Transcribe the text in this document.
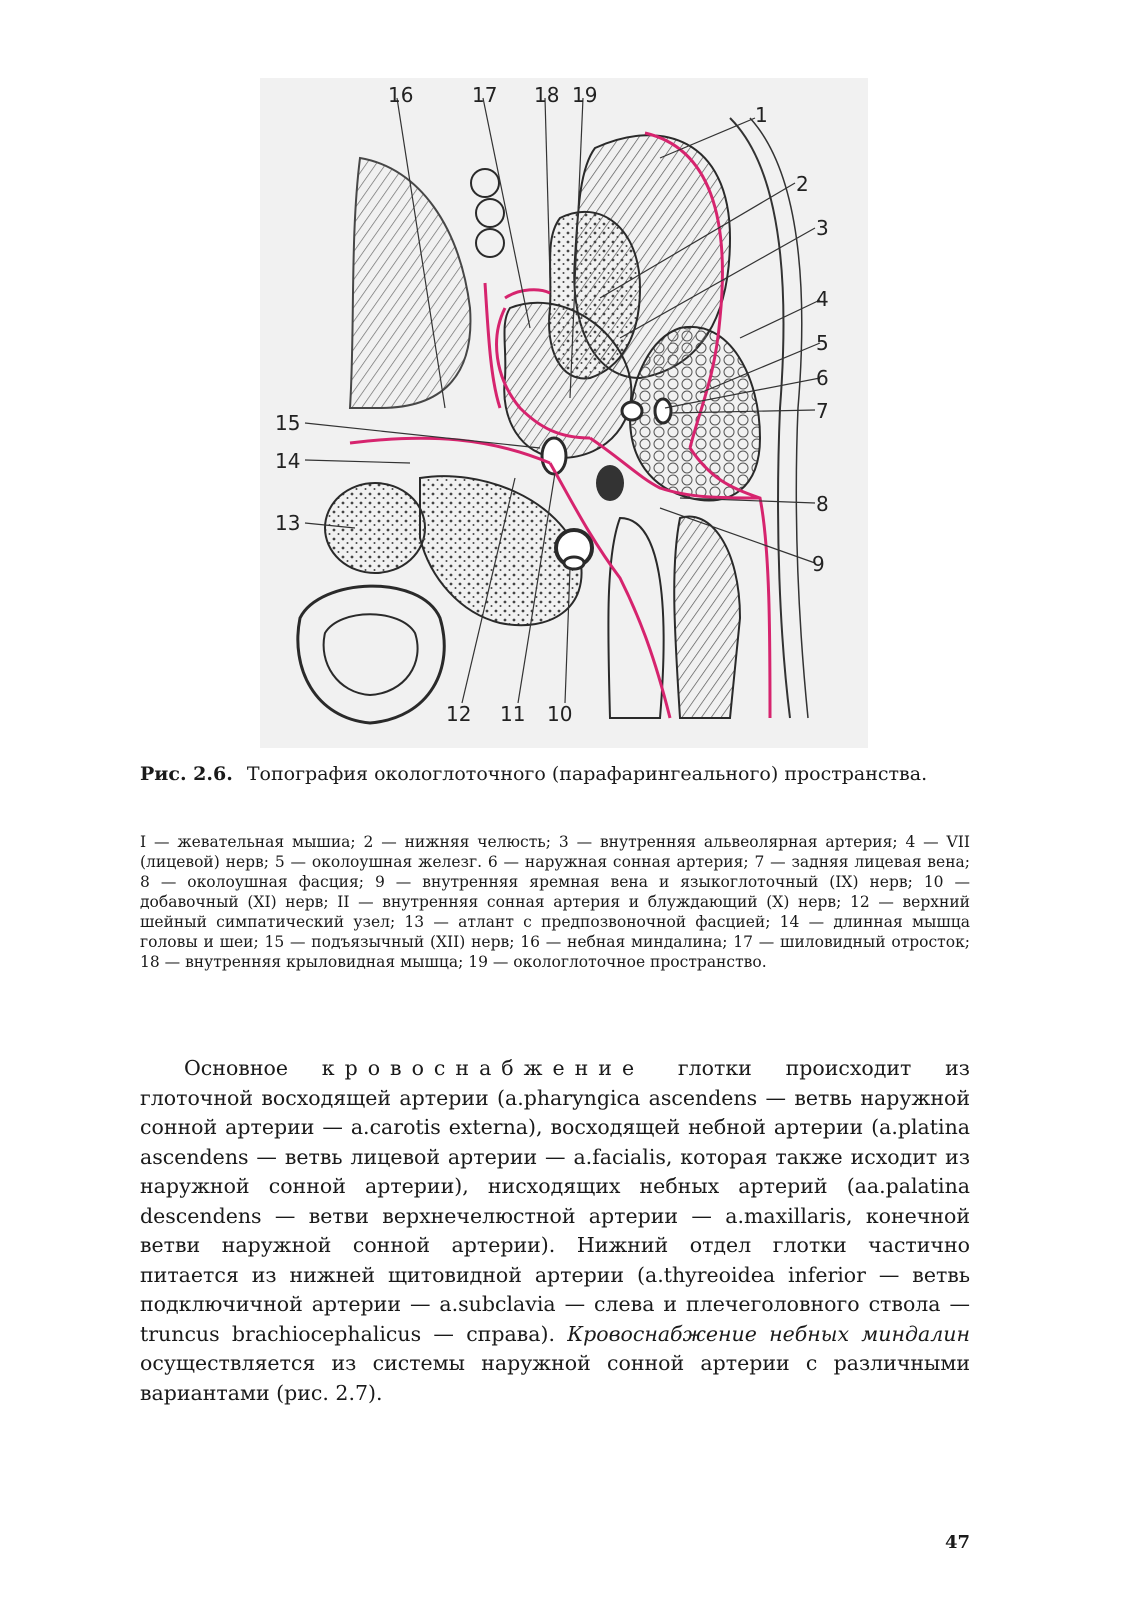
16	17 18 19
1
2
3
4
5
6
7
8
9
10
11
12
13
14
15
Рис. 2.6. Топография окологлоточного (парафарингеального) пространства.
I — жевательная мышиа; 2 — нижняя челюсть; 3 — внутренняя альвеолярная артерия; 4 — VII (лицевой) нерв; 5 — околоушная железг. 6 — наружная сонная артерия; 7 — задняя лицевая вена; 8 — околоушная фасция; 9 — внутренняя яремная вена и языкоглоточный (IX) нерв; 10 — добавочный (XI) нерв; II — внутренняя сонная артерия и блуждающий (X) нерв; 12 — верхний шейный симпатический узел; 13 — атлант с предпозвоночной фасцией; 14 — длинная мышца головы и шеи; 15 — подъязычный (XII) нерв; 16 — небная миндалина; 17 — шиловидный отросток; 18 — внутренняя крыловидная мышца; 19 — окологлоточное пространство.
Основное кровоснабжение глотки происходит из глоточной восходящей артерии (a.pharyngica ascendens — ветвь наружной сонной артерии — a.carotis externa), восходящей небной артерии (a.platina ascendens — ветвь лицевой артерии — a.facialis, которая также исходит из наружной сонной артерии), нисходящих небных артерий (aa.palatina descendens — ветви верхнечелюстной артерии — a.maxillaris, конечной ветви наружной сонной артерии). Нижний отдел глотки частично питается из нижней щитовидной артерии (a.thyreoidea inferior — ветвь подключичной артерии — a.subclavia — слева и плечеголовного ствола — truncus brachiocephalicus — справа). Кровоснабжение небных миндалин осуществляется из системы наружной сонной артерии с различными вариантами (рис. 2.7).
47
